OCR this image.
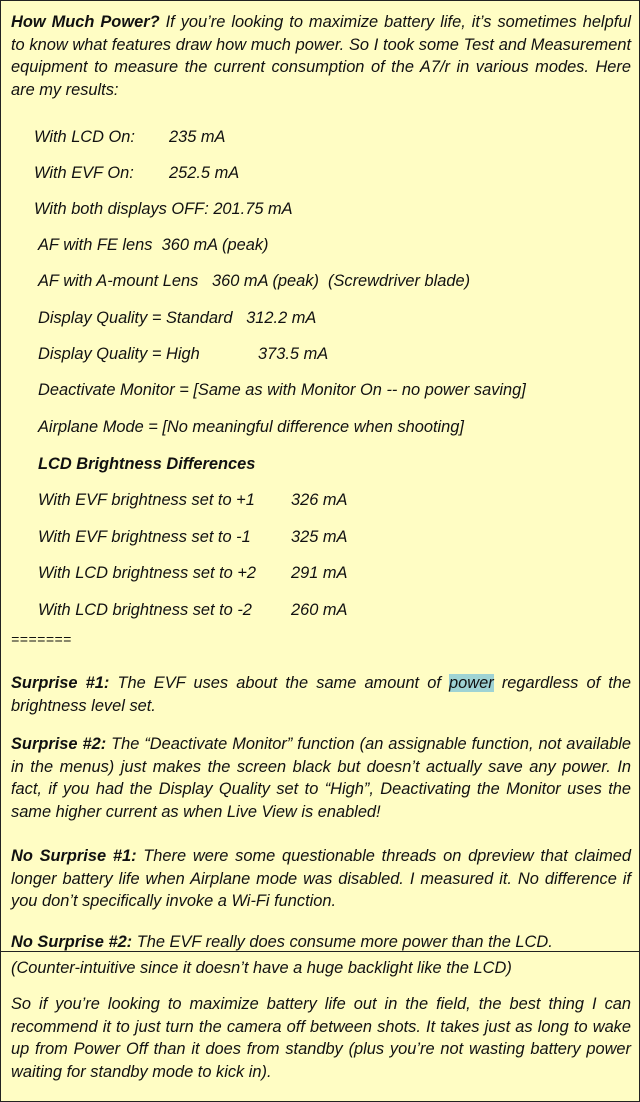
How Much Power? If you’re looking to maximize battery life, it’s sometimes helpful to know what features draw how much power. So I took some Test and Measurement equipment to measure the current consumption of the A7/r in various modes. Here are my results:

With LCD On: 235 mA
With EVF On: 252.5 mA
With both displays OFF: 201.75 mA
AF with FE lens 360 mA (peak)
AF with A-mount Lens 360 mA (peak)  (Screwdriver blade)
Display Quality = Standard 312.2 mA
Display Quality = High	373.5 mA
Deactivate Monitor = [Same as with Monitor On -- no power saving]
Airplane Mode = [No meaningful difference when shooting]
LCD Brightness Differences
With EVF brightness set to +1 326 mA
With EVF brightness set to -1 325 mA
With LCD brightness set to +2 291 mA
With LCD brightness set to -2 260 mA
=======

Surprise #1: The EVF uses about the same amount of power regardless of the brightness level set.

Surprise #2: The “Deactivate Monitor” function (an assignable function, not available in the menus) just makes the screen black but doesn’t actually save any power. In fact, if you had the Display Quality set to “High”, Deactivating the Monitor uses the same higher current as when Live View is enabled!

No Surprise #1: There were some questionable threads on dpreview that claimed longer battery life when Airplane mode was disabled. I measured it. No difference if you don’t specifically invoke a Wi-Fi function.

No Surprise #2: The EVF really does consume more power than the LCD.

(Counter-intuitive since it doesn’t have a huge backlight like the LCD)

So if you’re looking to maximize battery life out in the field, the best thing I can recommend it to just turn the camera off between shots. It takes just as long to wake up from Power Off than it does from standby (plus you’re not wasting battery power waiting for standby mode to kick in).
